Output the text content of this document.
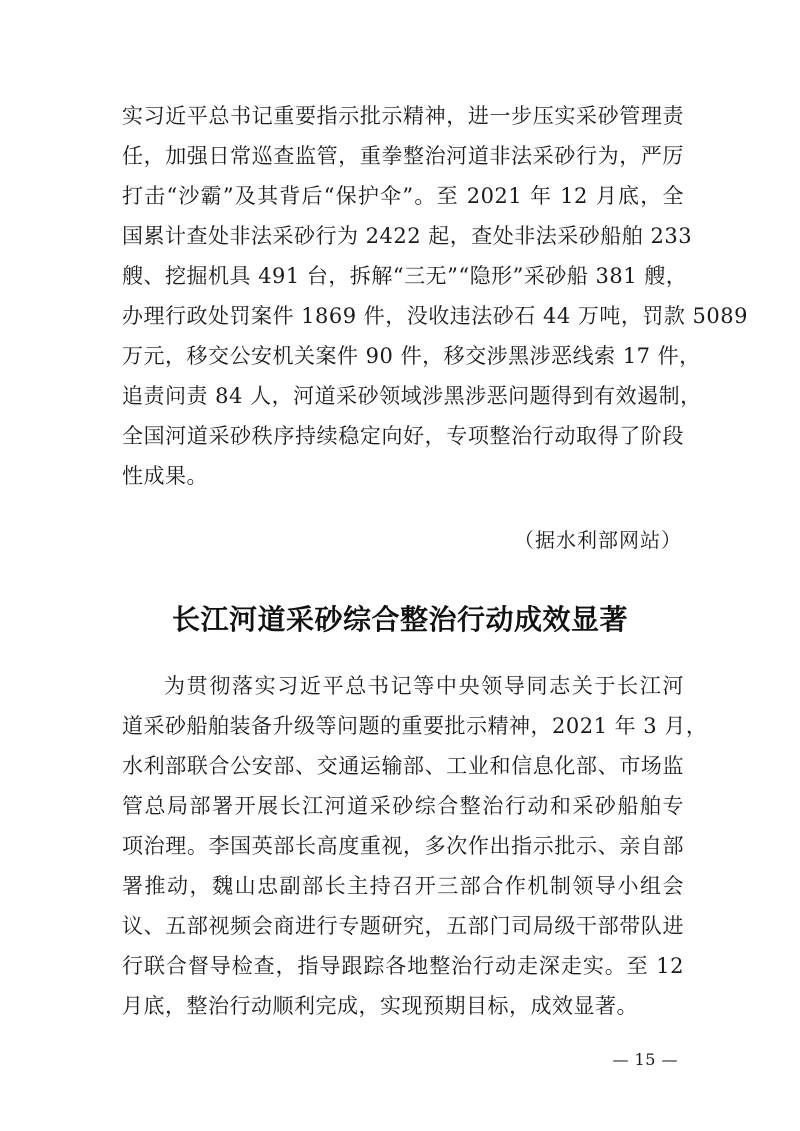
实习近平总书记重要指示批示精神，进一步压实采砂管理责
任，加强日常巡查监管，重拳整治河道非法采砂行为，严厉
打击“沙霸”及其背后“保护伞”。至 2021 年 12 月底，全
国累计查处非法采砂行为 2422 起，查处非法采砂船舶 233
艘、挖掘机具 491 台，拆解“三无”“隐形”采砂船 381 艘，
办理行政处罚案件 1869 件，没收违法砂石 44 万吨，罚款 5089
万元，移交公安机关案件 90 件，移交涉黑涉恶线索 17 件，
追责问责 84 人，河道采砂领域涉黑涉恶问题得到有效遏制，
全国河道采砂秩序持续稳定向好，专项整治行动取得了阶段
性成果。
（据水利部网站）
长江河道采砂综合整治行动成效显著
为贯彻落实习近平总书记等中央领导同志关于长江河
道采砂船舶装备升级等问题的重要批示精神，2021 年 3 月，
水利部联合公安部、交通运输部、工业和信息化部、市场监
管总局部署开展长江河道采砂综合整治行动和采砂船舶专
项治理。李国英部长高度重视，多次作出指示批示、亲自部
署推动，魏山忠副部长主持召开三部合作机制领导小组会
议、五部视频会商进行专题研究，五部门司局级干部带队进
行联合督导检查，指导跟踪各地整治行动走深走实。至 12
月底，整治行动顺利完成，实现预期目标，成效显著。
— 15 —
